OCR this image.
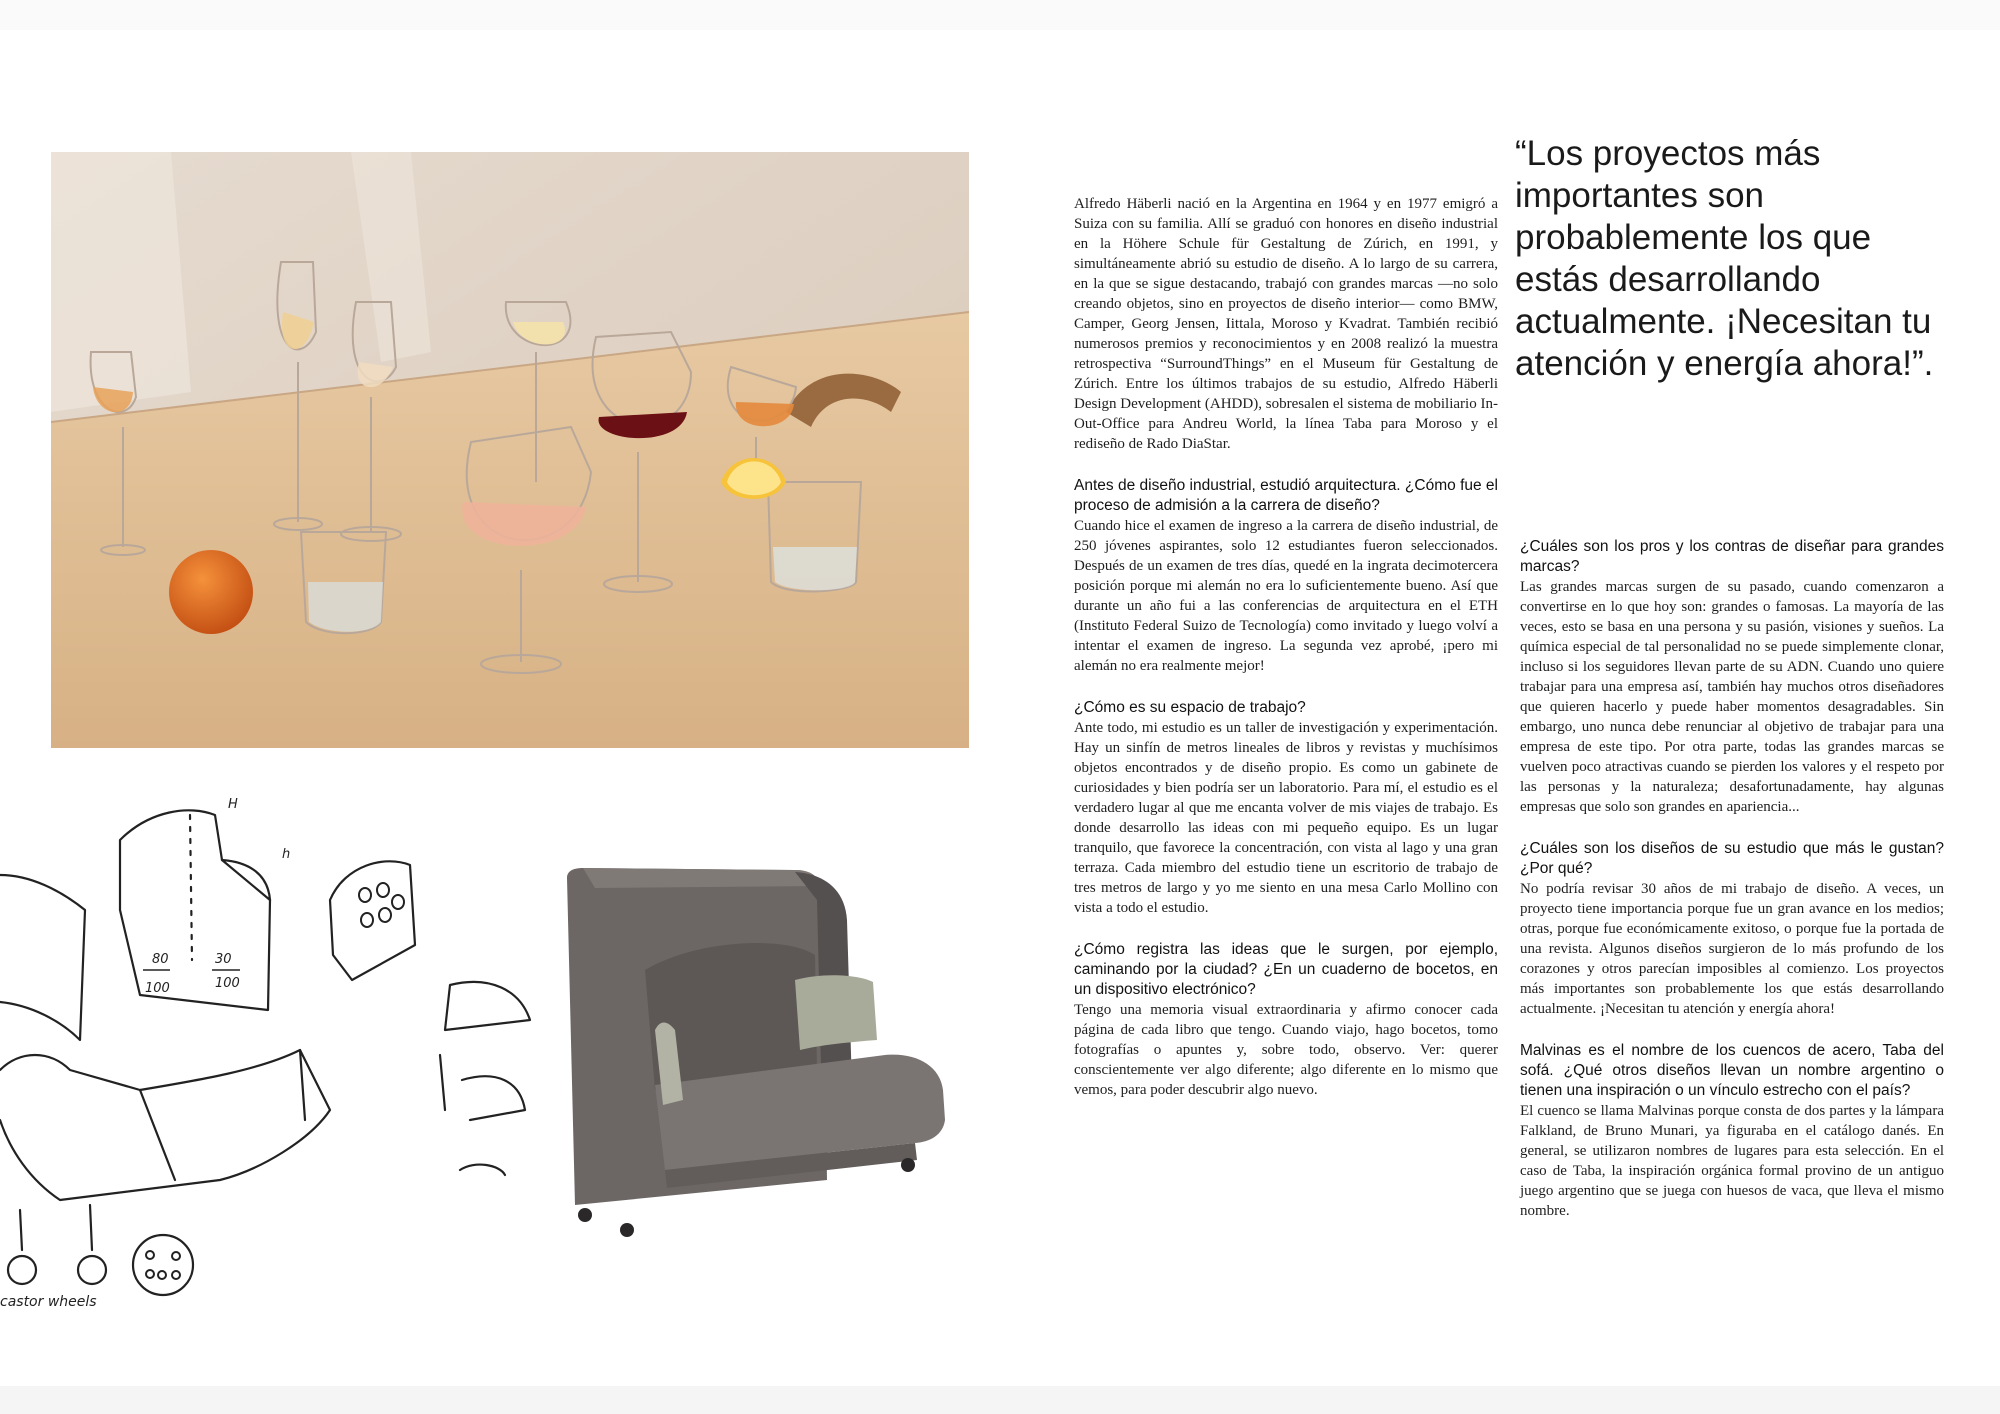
H
h
80
100
30
100
castor wheels

Alfredo Häberli nació en la Argentina en 1964 y en 1977 emigró a Suiza con su familia. Allí se graduó con honores en diseño industrial en la Höhere Schule für Gestaltung de Zúrich, en 1991, y simultáneamente abrió su estudio de diseño. A lo largo de su carrera, en la que se sigue destacando, trabajó con grandes marcas —no solo creando objetos, sino en proyectos de diseño interior— como BMW, Camper, Georg Jensen, Iittala, Moroso y Kvadrat. También recibió numerosos premios y reconocimientos y en 2008 realizó la muestra retrospectiva “SurroundThings” en el Museum für Gestaltung de Zúrich. Entre los últimos trabajos de su estudio, Alfredo Häberli Design Development (AHDD), sobresalen el sistema de mobiliario In-Out-Office para Andreu World, la línea Taba para Moroso y el rediseño de Rado DiaStar.

Antes de diseño industrial, estudió arquitectura. ¿Cómo fue el proceso de admisión a la carrera de diseño?

Cuando hice el examen de ingreso a la carrera de diseño industrial, de 250 jóvenes aspirantes, solo 12 estudiantes fueron seleccionados. Después de un examen de tres días, quedé en la ingrata decimotercera posición porque mi alemán no era lo suficientemente bueno. Así que durante un año fui a las conferencias de arquitectura en el ETH (Instituto Federal Suizo de Tecnología) como invitado y luego volví a intentar el examen de ingreso. La segunda vez aprobé, ¡pero mi alemán no era realmente mejor!

¿Cómo es su espacio de trabajo?

Ante todo, mi estudio es un taller de investigación y experimentación. Hay un sinfín de metros lineales de libros y revistas y muchísimos objetos encontrados y de diseño propio. Es como un gabinete de curiosidades y bien podría ser un laboratorio. Para mí, el estudio es el verdadero lugar al que me encanta volver de mis viajes de trabajo. Es donde desarrollo las ideas con mi pequeño equipo. Es un lugar tranquilo, que favorece la concentración, con vista al lago y una gran terraza. Cada miembro del estudio tiene un escritorio de trabajo de tres metros de largo y yo me siento en una mesa Carlo Mollino con vista a todo el estudio.

¿Cómo registra las ideas que le surgen, por ejemplo, caminando por la ciudad? ¿En un cuaderno de bocetos, en un dispositivo electrónico?

Tengo una memoria visual extraordinaria y afirmo conocer cada página de cada libro que tengo. Cuando viajo, hago bocetos, tomo fotografías o apuntes y, sobre todo, observo. Ver: querer conscientemente ver algo diferente; algo diferente en lo mismo que vemos, para poder descubrir algo nuevo.

“Los proyectos más importantes son probablemente los que estás desarrollando actualmente. ¡Necesitan tu atención y energía ahora!”.

¿Cuáles son los pros y los contras de diseñar para grandes marcas?

Las grandes marcas surgen de su pasado, cuando comenzaron a convertirse en lo que hoy son: grandes o famosas. La mayoría de las veces, esto se basa en una persona y su pasión, visiones y sueños. La química especial de tal personalidad no se puede simplemente clonar, incluso si los seguidores llevan parte de su ADN. Cuando uno quiere trabajar para una empresa así, también hay muchos otros diseñadores que quieren hacerlo y puede haber momentos desagradables. Sin embargo, uno nunca debe renunciar al objetivo de trabajar para una empresa de este tipo. Por otra parte, todas las grandes marcas se vuelven poco atractivas cuando se pierden los valores y el respeto por las personas y la naturaleza; desafortunadamente, hay algunas empresas que solo son grandes en apariencia...

¿Cuáles son los diseños de su estudio que más le gustan? ¿Por qué?

No podría revisar 30 años de mi trabajo de diseño. A veces, un proyecto tiene importancia porque fue un gran avance en los medios; otras, porque fue económicamente exitoso, o porque fue la portada de una revista. Algunos diseños surgieron de lo más profundo de los corazones y otros parecían imposibles al comienzo. Los proyectos más importantes son probablemente los que estás desarrollando actualmente. ¡Necesitan tu atención y energía ahora!

Malvinas es el nombre de los cuencos de acero, Taba del sofá. ¿Qué otros diseños llevan un nombre argentino o tienen una inspiración o un vínculo estrecho con el país?

El cuenco se llama Malvinas porque consta de dos partes y la lámpara Falkland, de Bruno Munari, ya figuraba en el catálogo danés. En general, se utilizaron nombres de lugares para esta selección. En el caso de Taba, la inspiración orgánica formal provino de un antiguo juego argentino que se juega con huesos de vaca, que lleva el mismo nombre.
